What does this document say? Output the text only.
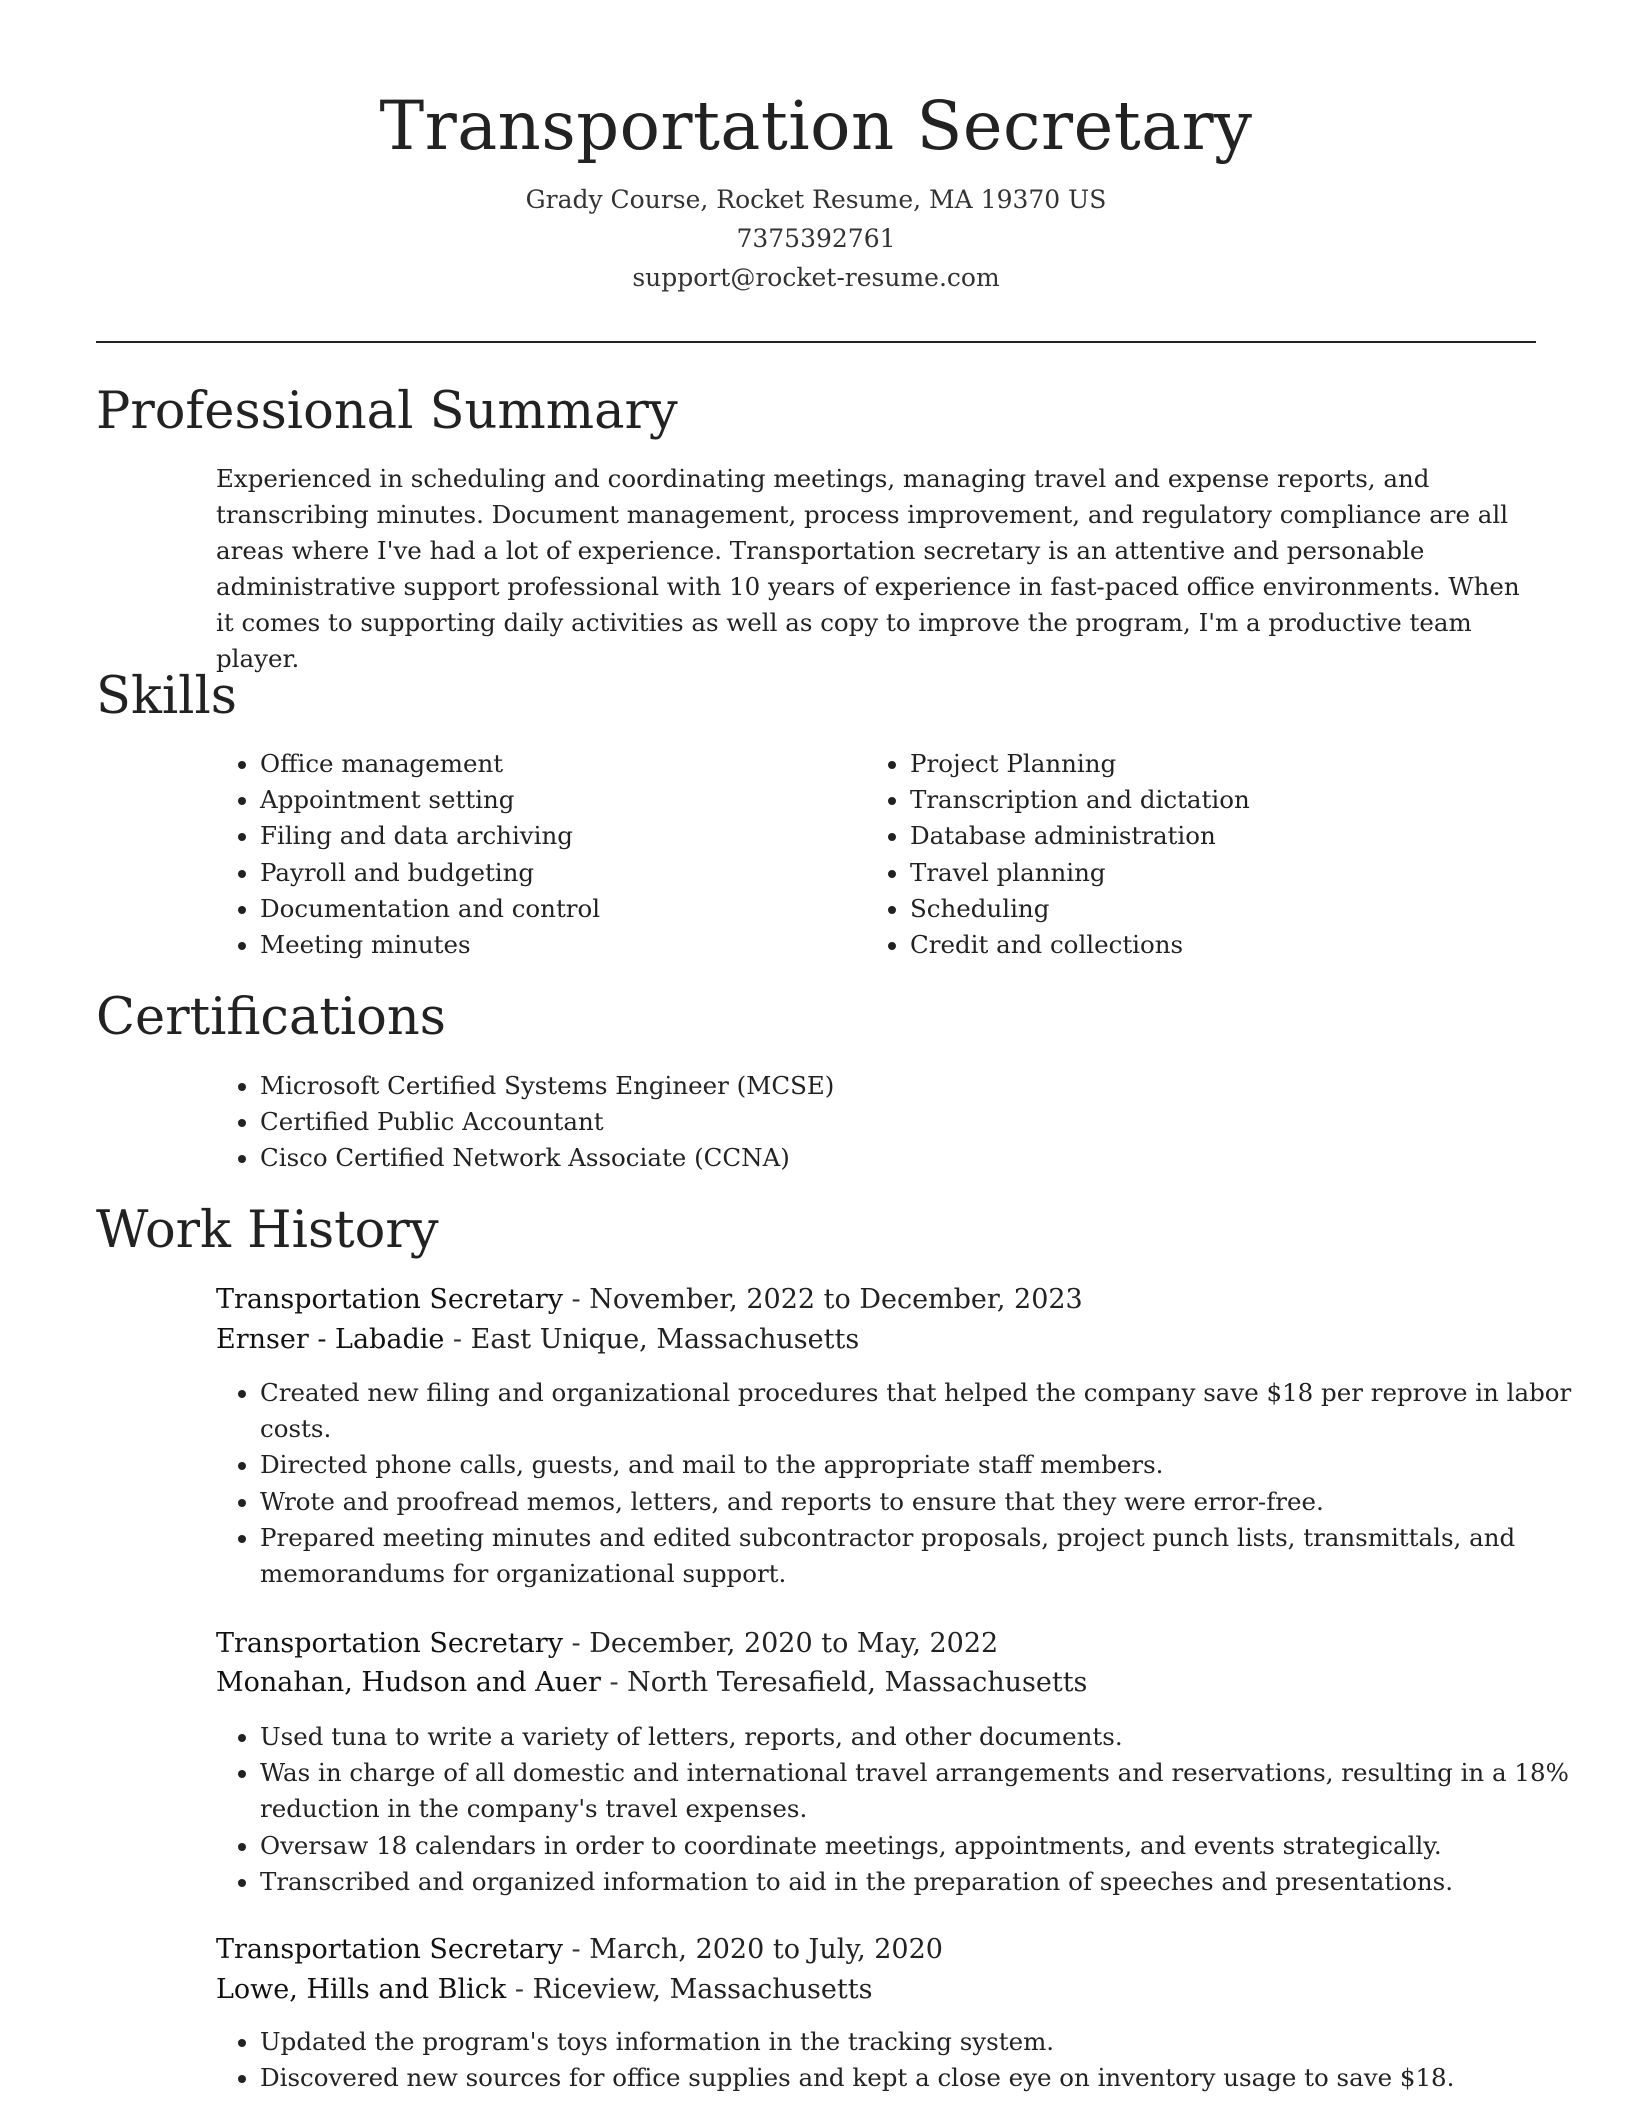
Transportation Secretary
Grady Course, Rocket Resume, MA 19370 US
7375392761
support@rocket-resume.com
Professional Summary

Experienced in scheduling and coordinating meetings, managing travel and expense reports, and transcribing minutes. Document management, process improvement, and regulatory compliance are all areas where I've had a lot of experience. Transportation secretary is an attentive and personable administrative support professional with 10 years of experience in fast-paced office environments. When it comes to supporting daily activities as well as copy to improve the program, I'm a productive team player.

Skills
• Office management
• Appointment setting
• Filing and data archiving
• Payroll and budgeting
• Documentation and control
• Meeting minutes
• Project Planning
• Transcription and dictation
• Database administration
• Travel planning
• Scheduling
• Credit and collections
Certifications
• Microsoft Certified Systems Engineer (MCSE)
• Certified Public Accountant
• Cisco Certified Network Associate (CCNA)
Work History
Transportation Secretary - November, 2022 to December, 2023
Ernser - Labadie - East Unique, Massachusetts
• Created new filing and organizational procedures that helped the company save $18 per reprove in labor costs.
• Directed phone calls, guests, and mail to the appropriate staff members.
• Wrote and proofread memos, letters, and reports to ensure that they were error-free.
• Prepared meeting minutes and edited subcontractor proposals, project punch lists, transmittals, and memorandums for organizational support.
Transportation Secretary - December, 2020 to May, 2022
Monahan, Hudson and Auer - North Teresafield, Massachusetts
• Used tuna to write a variety of letters, reports, and other documents.
• Was in charge of all domestic and international travel arrangements and reservations, resulting in a 18% reduction in the company's travel expenses.
• Oversaw 18 calendars in order to coordinate meetings, appointments, and events strategically.
• Transcribed and organized information to aid in the preparation of speeches and presentations.
Transportation Secretary - March, 2020 to July, 2020
Lowe, Hills and Blick - Riceview, Massachusetts
• Updated the program's toys information in the tracking system.
• Discovered new sources for office supplies and kept a close eye on inventory usage to save $18.
